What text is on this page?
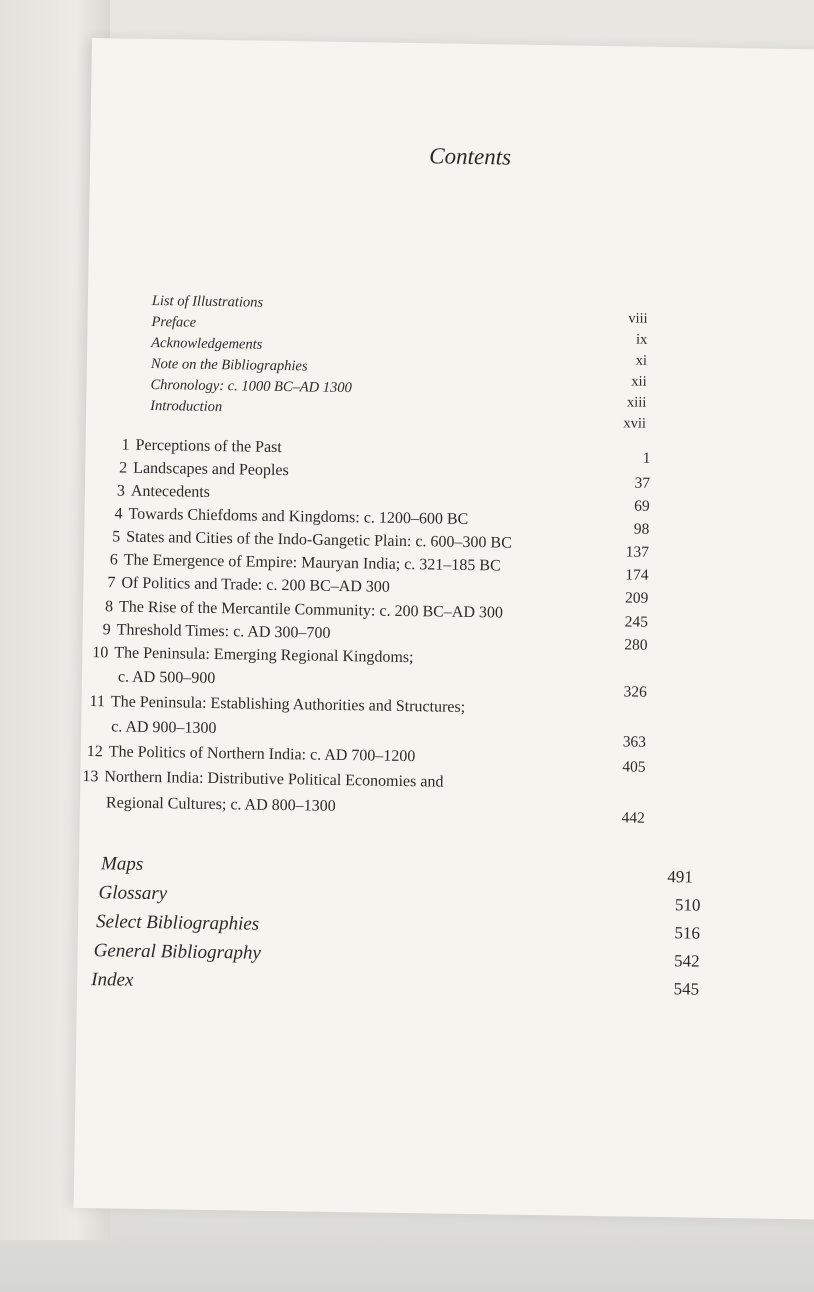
Contents
List of Illustrations
Preface
Acknowledgements
Note on the Bibliographies
Chronology: c. 1000 BC–AD 1300
Introduction
viii
ix
xi
xii
xiii
xvii
1 Perceptions of the Past
1
2 Landscapes and Peoples
37
3 Antecedents
69
4 Towards Chiefdoms and Kingdoms: c. 1200–600 BC
98
5 States and Cities of the Indo-Gangetic Plain: c. 600–300 BC
137
6 The Emergence of Empire: Mauryan India; c. 321–185 BC
174
7 Of Politics and Trade: c. 200 BC–AD 300
209
8 The Rise of the Mercantile Community: c. 200 BC–AD 300
245
9 Threshold Times: c. AD 300–700
280
10 The Peninsula: Emerging Regional Kingdoms;
c. AD 500–900
326
11 The Peninsula: Establishing Authorities and Structures;
c. AD 900–1300
363
12 The Politics of Northern India: c. AD 700–1200
405
13 Northern India: Distributive Political Economies and
Regional Cultures; c. AD 800–1300
442
Maps
Glossary
Select Bibliographies
General Bibliography
Index
491
510
516
542
545
